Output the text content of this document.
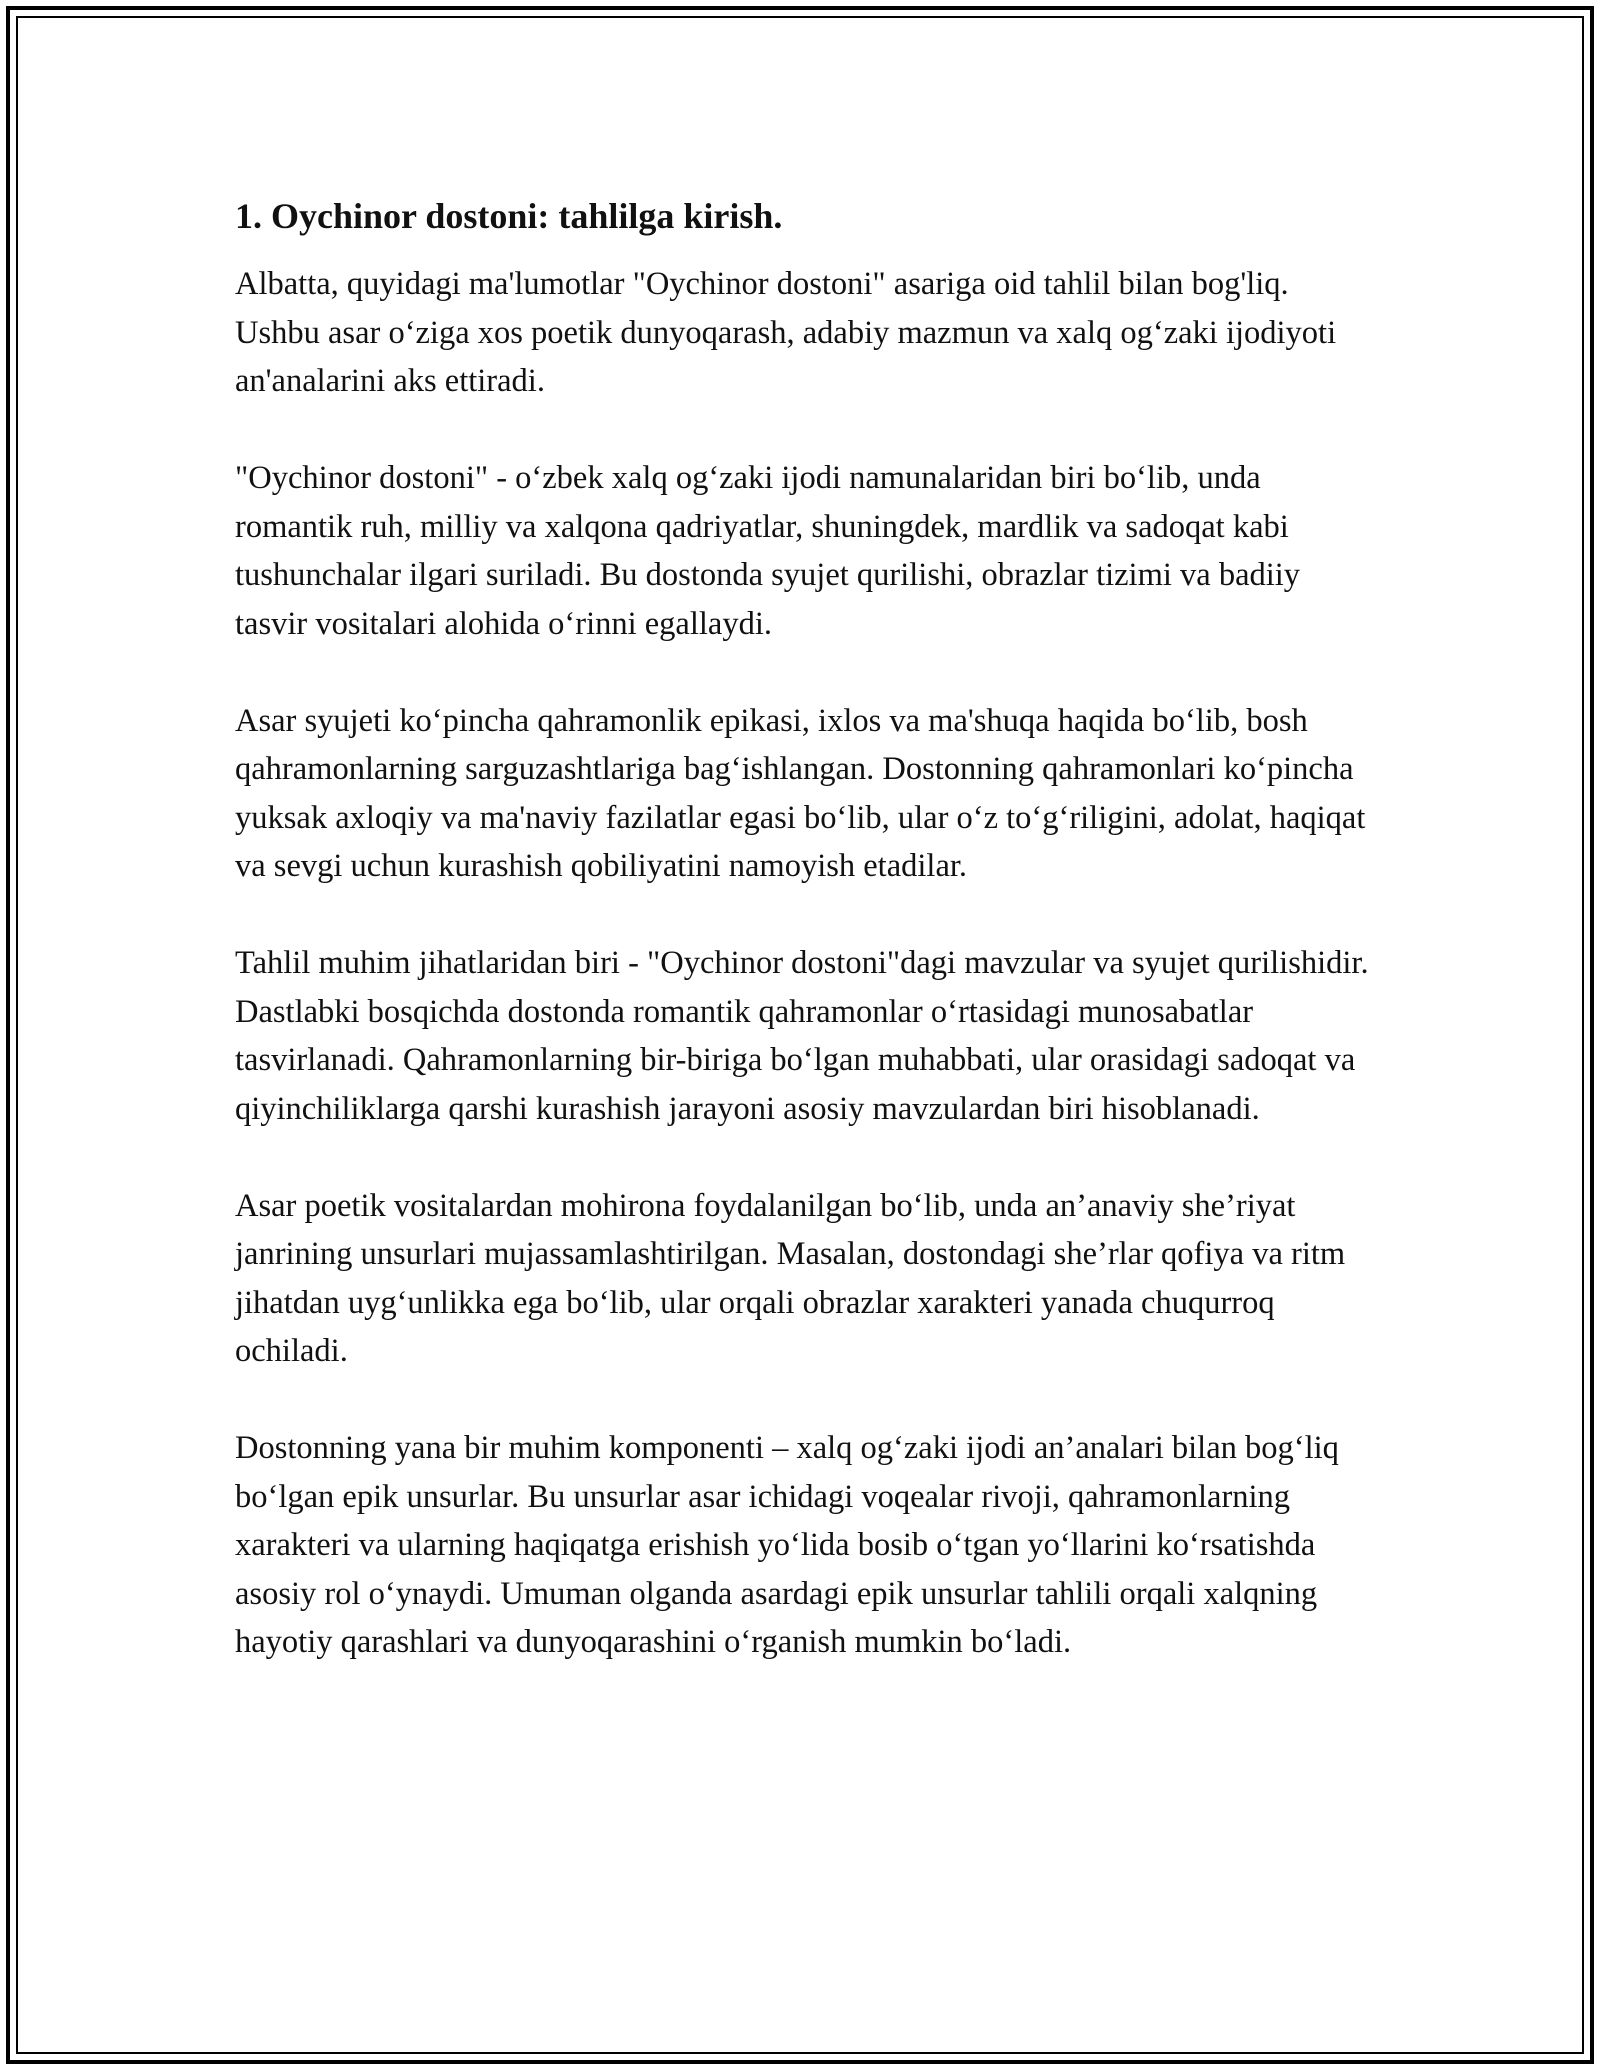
1. Oychinor dostoni: tahlilga kirish.

Albatta, quyidagi ma'lumotlar "Oychinor dostoni" asariga oid tahlil bilan bog'liq. Ushbu asar o‘ziga xos poetik dunyoqarash, adabiy mazmun va xalq og‘zaki ijodiyoti an'analarini aks ettiradi.

"Oychinor dostoni" - o‘zbek xalq og‘zaki ijodi namunalaridan biri bo‘lib, unda romantik ruh, milliy va xalqona qadriyatlar, shuningdek, mardlik va sadoqat kabi tushunchalar ilgari suriladi. Bu dostonda syujet qurilishi, obrazlar tizimi va badiiy tasvir vositalari alohida o‘rinni egallaydi.

Asar syujeti ko‘pincha qahramonlik epikasi, ixlos va ma'shuqa haqida bo‘lib, bosh qahramonlarning sarguzashtlariga bag‘ishlangan. Dostonning qahramonlari ko‘pincha yuksak axloqiy va ma'naviy fazilatlar egasi bo‘lib, ular o‘z to‘g‘riligini, adolat, haqiqat va sevgi uchun kurashish qobiliyatini namoyish etadilar.

Tahlil muhim jihatlaridan biri - "Oychinor dostoni"dagi mavzular va syujet qurilishidir. Dastlabki bosqichda dostonda romantik qahramonlar o‘rtasidagi munosabatlar tasvirlanadi. Qahramonlarning bir-biriga bo‘lgan muhabbati, ular orasidagi sadoqat va qiyinchiliklarga qarshi kurashish jarayoni asosiy mavzulardan biri hisoblanadi.

Asar poetik vositalardan mohirona foydalanilgan bo‘lib, unda an’anaviy she’riyat janrining unsurlari mujassamlashtirilgan. Masalan, dostondagi she’rlar qofiya va ritm jihatdan uyg‘unlikka ega bo‘lib, ular orqali obrazlar xarakteri yanada chuqurroq ochiladi.

Dostonning yana bir muhim komponenti – xalq og‘zaki ijodi an’analari bilan bog‘liq bo‘lgan epik unsurlar. Bu unsurlar asar ichidagi voqealar rivoji, qahramonlarning xarakteri va ularning haqiqatga erishish yo‘lida bosib o‘tgan yo‘llarini ko‘rsatishda asosiy rol o‘ynaydi. Umuman olganda asardagi epik unsurlar tahlili orqali xalqning hayotiy qarashlari va dunyoqarashini o‘rganish mumkin bo‘ladi.
